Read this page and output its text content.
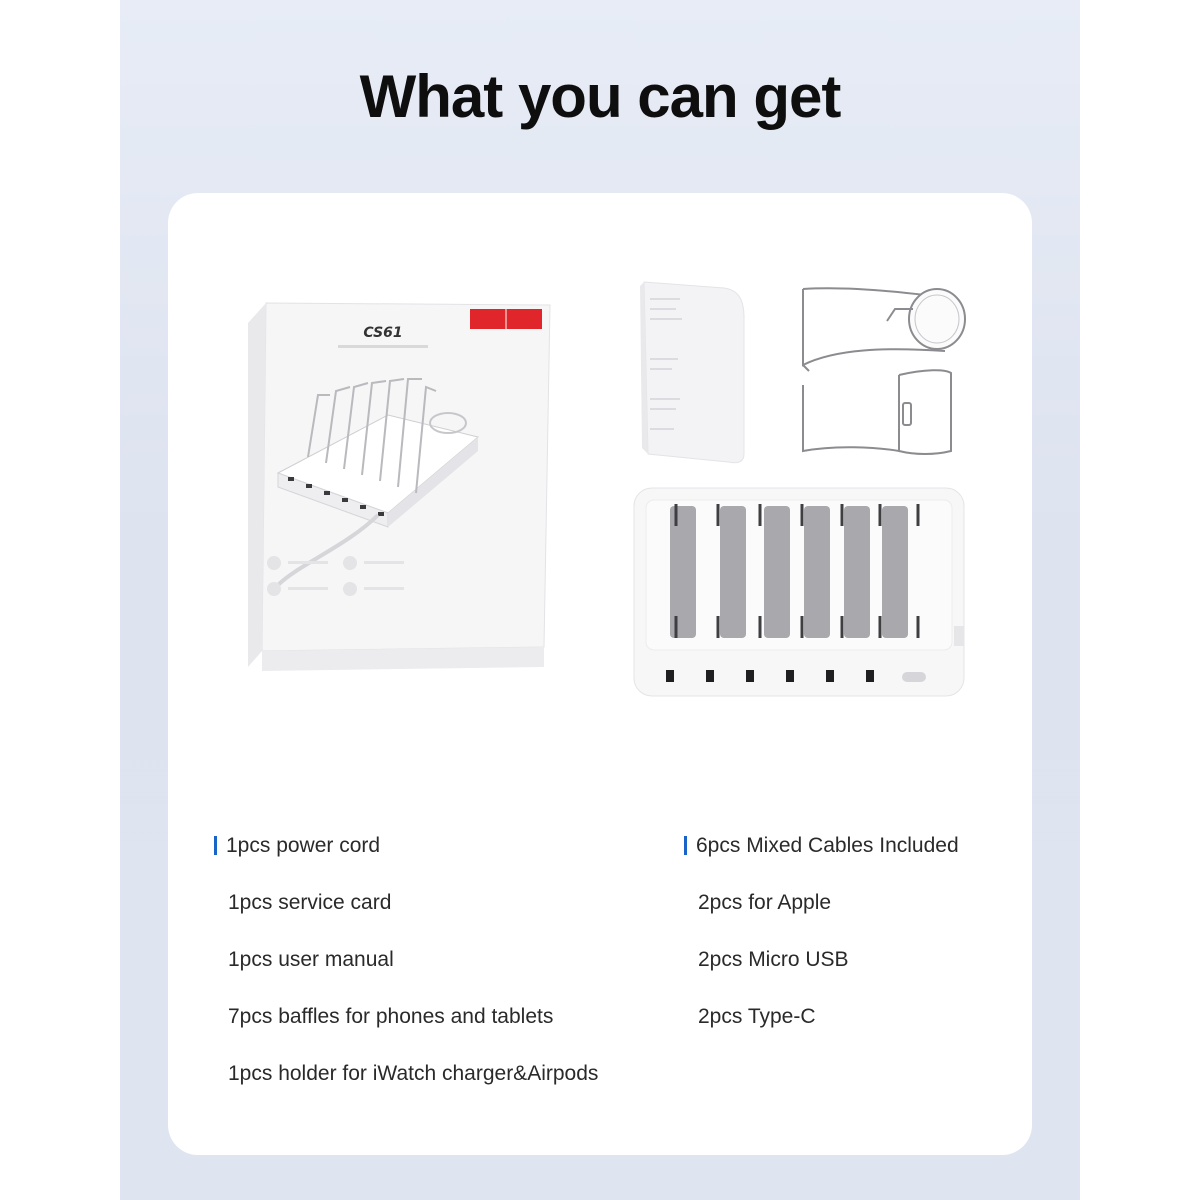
What you can get
CS61
1pcs power cord
1pcs service card
1pcs user manual
7pcs baffles for phones and tablets
1pcs holder for iWatch charger&Airpods
6pcs Mixed Cables Included
2pcs for Apple
2pcs Micro USB
2pcs Type-C
